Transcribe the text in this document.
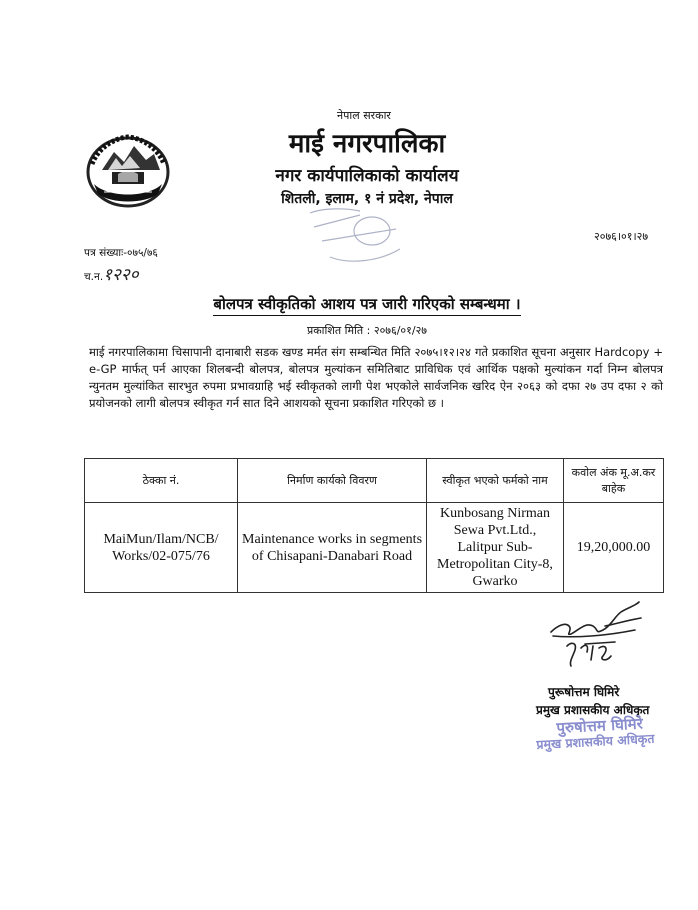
नेपाल सरकार
माई नगरपालिका
नगर कार्यपालिकाको कार्यालय
शितली, इलाम, १ नं प्रदेश, नेपाल
२०७६।०१।२७
पत्र संख्याः-०७५/७६
च.न.१२२०
बोलपत्र स्वीकृतिको आशय पत्र जारी गरिएको सम्बन्धमा ।
प्रकाशित मिति : २०७६/०१/२७
माई नगरपालिकामा चिसापानी दानाबारी सडक खण्ड मर्मत संग सम्बन्धित मिति २०७५।१२।२४ गते प्रकाशित सूचना अनुसार Hardcopy + e-GP मार्फत् पर्न आएका शिलबन्दी बोलपत्र, बोलपत्र मुल्यांकन समितिबाट प्राविधिक एवं आर्थिक पक्षको मुल्यांकन गर्दा निम्न बोलपत्र न्युनतम मुल्यांकित सारभुत रुपमा प्रभावग्राहि भई स्वीकृतको लागी पेश भएकोले सार्वजनिक खरिद ऐन २०६३ को दफा २७ उप दफा २ को प्रयोजनको लागी बोलपत्र स्वीकृत गर्न सात दिने आशयको सूचना प्रकाशित गरिएको छ ।
ठेक्का नं.	निर्माण कार्यको विवरण	स्वीकृत भएको फर्मको नाम	कवोल अंक मू.अ.कर बाहेक
MaiMun/Ilam/NCB/ Works/02-075/76	Maintenance works in segments of Chisapani-Danabari Road	Kunbosang Nirman Sewa Pvt.Ltd., Lalitpur Sub-Metropolitan City-8, Gwarko	19,20,000.00
पुरूषोत्तम घिमिरे
प्रमुख प्रशासकीय अधिकृत
पुरुषोत्तम घिमिरे
प्रमुख प्रशासकीय अधिकृत
